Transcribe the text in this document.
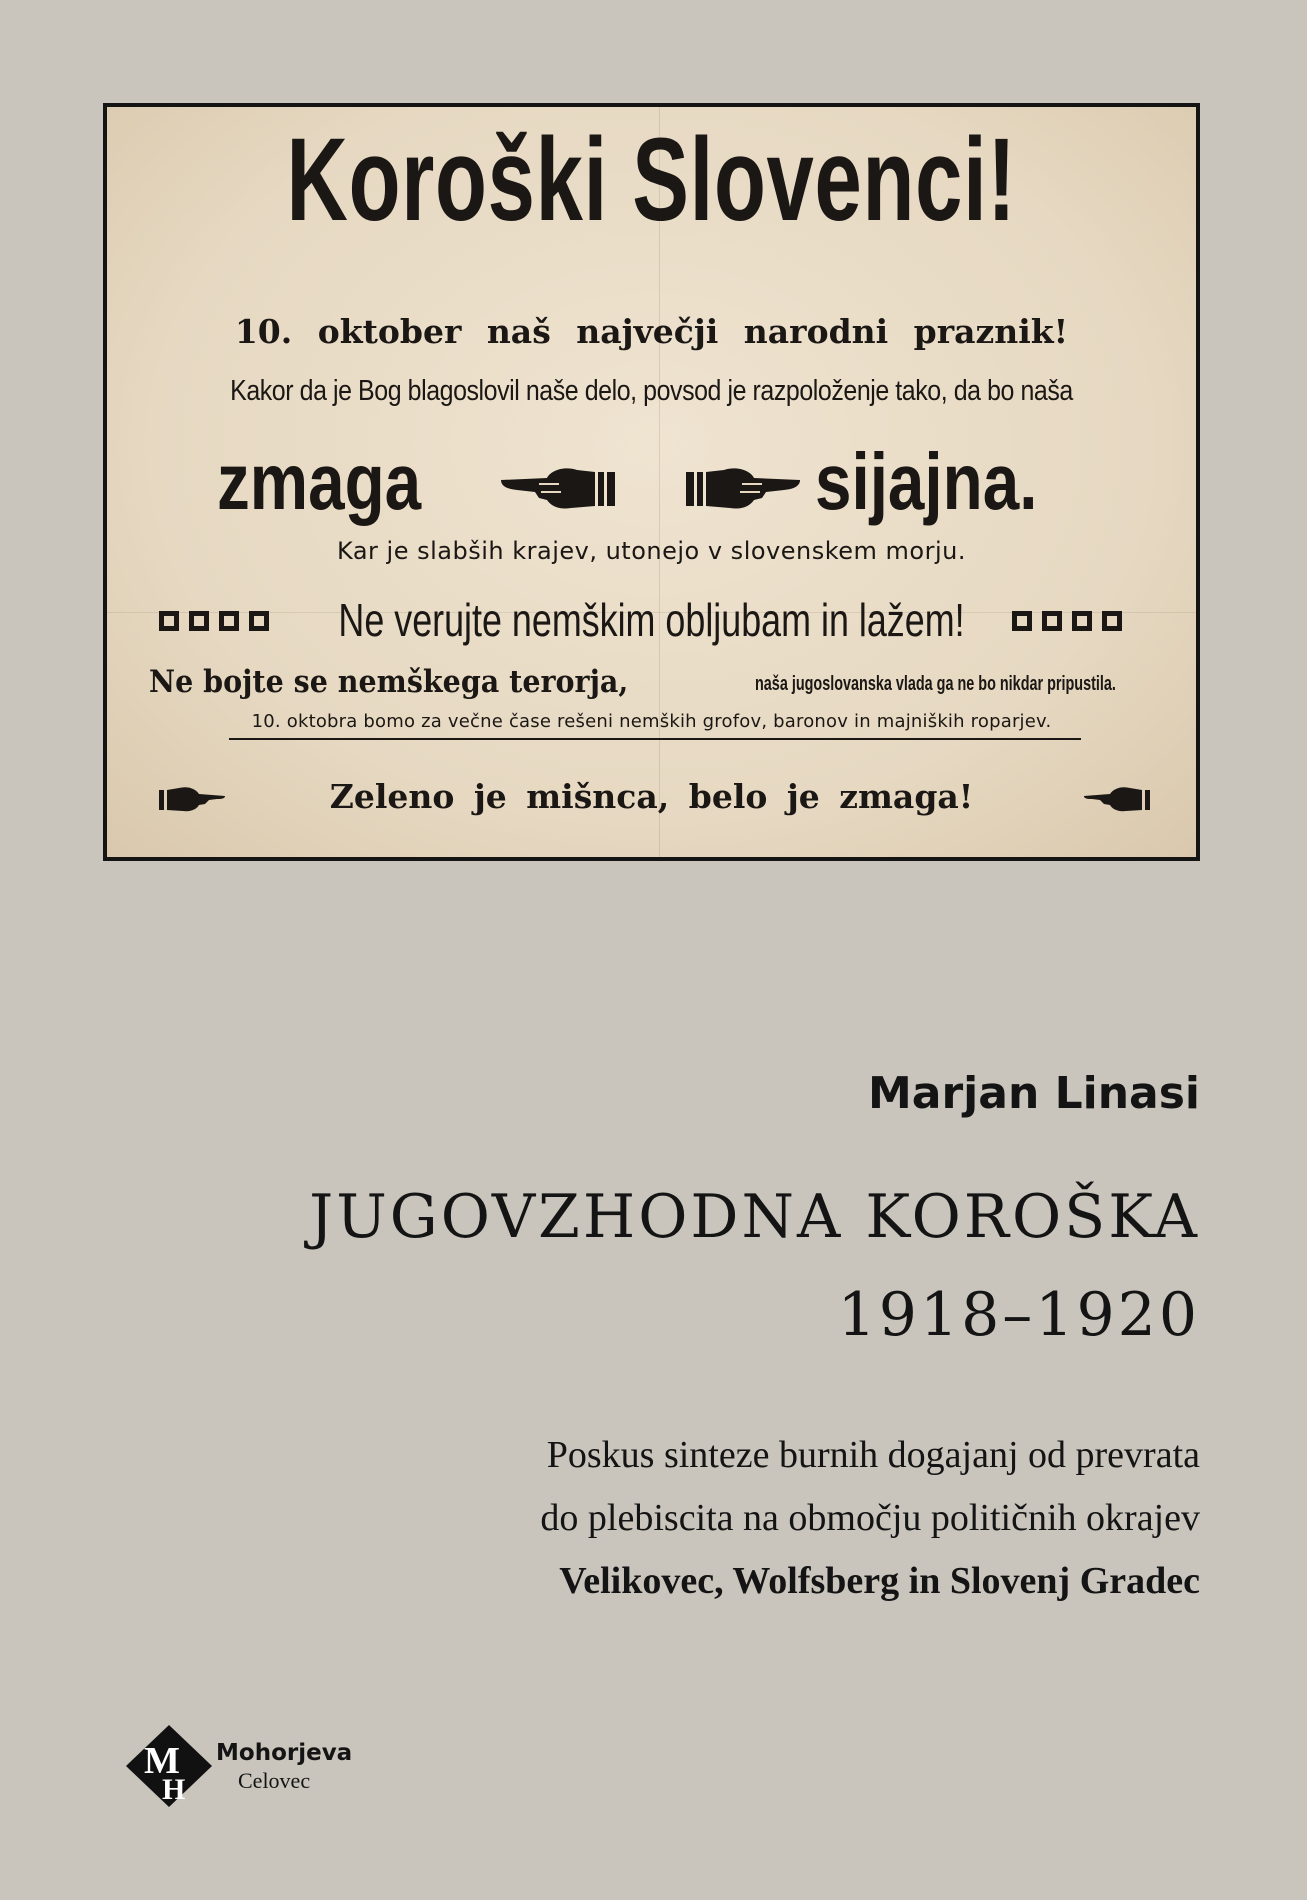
Koroški Slovenci!
10. oktober naš največji narodni praznik!
Kakor da je Bog blagoslovil naše delo, povsod je razpoloženje tako, da bo naša
zmaga	sijajna.
Kar je slabših krajev, utonejo v slovenskem morju.
Ne verujte nemškim obljubam in lažem!
Ne bojte se nemškega terorja,	naša jugoslovanska vlada ga ne bo nikdar pripustila.
10. oktobra bomo za večne čase rešeni nemških grofov, baronov in majniških roparjev.
Zeleno je mišnca, belo je zmaga!
Marjan Linasi
JUGOVZHODNA KOROŠKA
1918–1920
Poskus sinteze burnih dogajanj od prevrata
do plebiscita na območju političnih okrajev
Velikovec, Wolfsberg in Slovenj Gradec
M
H
Mohorjeva
Celovec
